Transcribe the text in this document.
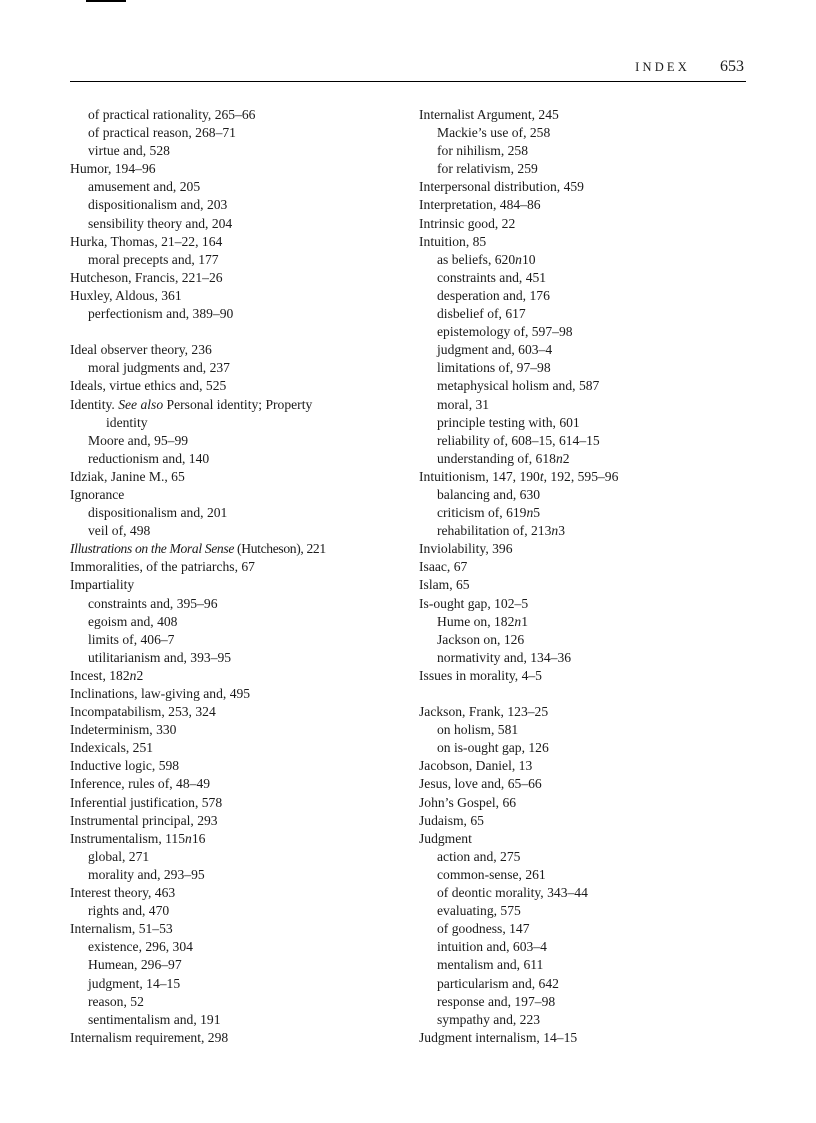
INDEX 653
of practical rationality, 265–66
of practical reason, 268–71
virtue and, 528
Humor, 194–96
amusement and, 205
dispositionalism and, 203
sensibility theory and, 204
Hurka, Thomas, 21–22, 164
moral precepts and, 177
Hutcheson, Francis, 221–26
Huxley, Aldous, 361
perfectionism and, 389–90
Ideal observer theory, 236
moral judgments and, 237
Ideals, virtue ethics and, 525
Identity. See also Personal identity; Property
identity
Moore and, 95–99
reductionism and, 140
Idziak, Janine M., 65
Ignorance
dispositionalism and, 201
veil of, 498
Illustrations on the Moral Sense (Hutcheson), 221
Immoralities, of the patriarchs, 67
Impartiality
constraints and, 395–96
egoism and, 408
limits of, 406–7
utilitarianism and, 393–95
Incest, 182n2
Inclinations, law-giving and, 495
Incompatabilism, 253, 324
Indeterminism, 330
Indexicals, 251
Inductive logic, 598
Inference, rules of, 48–49
Inferential justification, 578
Instrumental principal, 293
Instrumentalism, 115n16
global, 271
morality and, 293–95
Interest theory, 463
rights and, 470
Internalism, 51–53
existence, 296, 304
Humean, 296–97
judgment, 14–15
reason, 52
sentimentalism and, 191
Internalism requirement, 298
Internalist Argument, 245
Mackie’s use of, 258
for nihilism, 258
for relativism, 259
Interpersonal distribution, 459
Interpretation, 484–86
Intrinsic good, 22
Intuition, 85
as beliefs, 620n10
constraints and, 451
desperation and, 176
disbelief of, 617
epistemology of, 597–98
judgment and, 603–4
limitations of, 97–98
metaphysical holism and, 587
moral, 31
principle testing with, 601
reliability of, 608–15, 614–15
understanding of, 618n2
Intuitionism, 147, 190t, 192, 595–96
balancing and, 630
criticism of, 619n5
rehabilitation of, 213n3
Inviolability, 396
Isaac, 67
Islam, 65
Is-ought gap, 102–5
Hume on, 182n1
Jackson on, 126
normativity and, 134–36
Issues in morality, 4–5
Jackson, Frank, 123–25
on holism, 581
on is-ought gap, 126
Jacobson, Daniel, 13
Jesus, love and, 65–66
John’s Gospel, 66
Judaism, 65
Judgment
action and, 275
common-sense, 261
of deontic morality, 343–44
evaluating, 575
of goodness, 147
intuition and, 603–4
mentalism and, 611
particularism and, 642
response and, 197–98
sympathy and, 223
Judgment internalism, 14–15
